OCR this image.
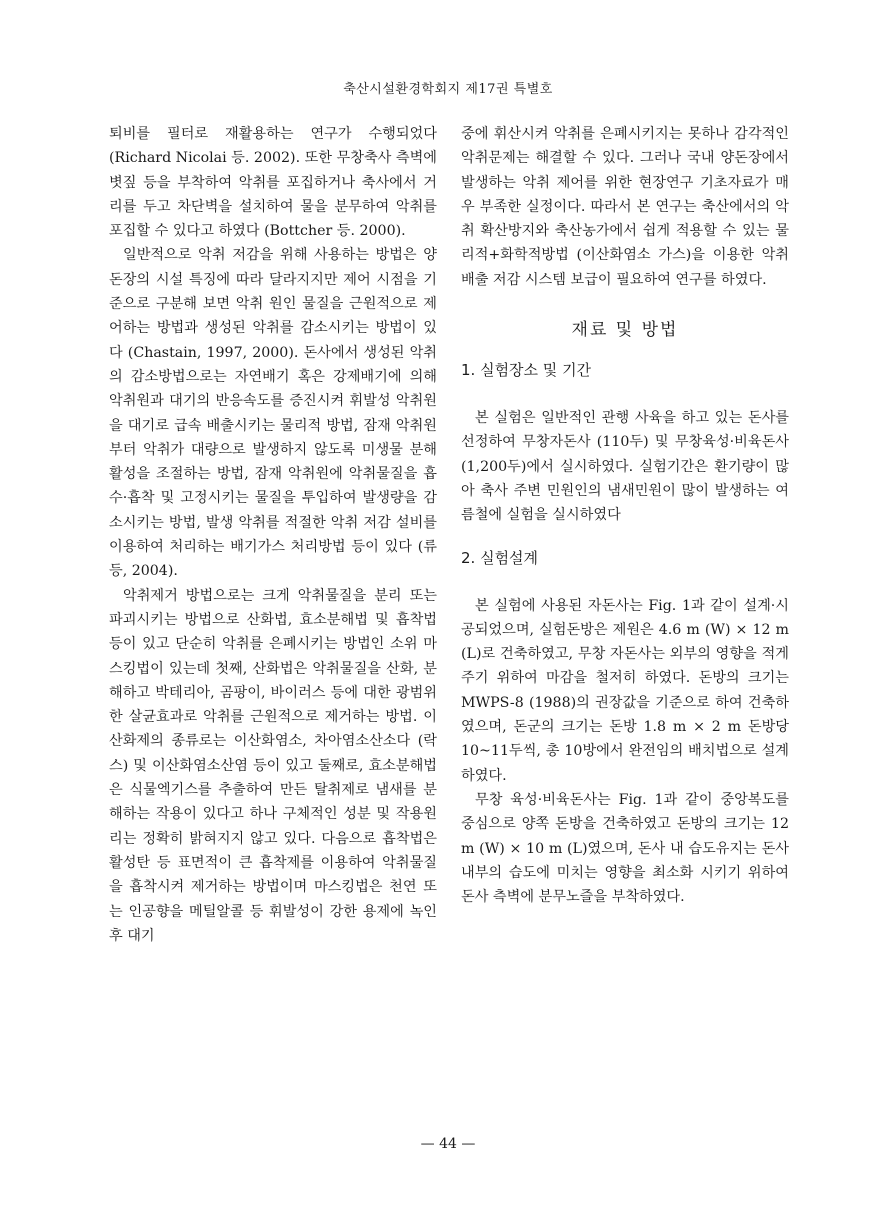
축산시설환경학회지 제17권 특별호

퇴비를 필터로 재활용하는 연구가 수행되었다 (Richard Nicolai 등. 2002). 또한 무창축사 측벽에 볏짚 등을 부착하여 악취를 포집하거나 축사에서 거리를 두고 차단벽을 설치하여 물을 분무하여 악취를 포집할 수 있다고 하였다 (Bottcher 등. 2000).

일반적으로 악취 저감을 위해 사용하는 방법은 양돈장의 시설 특징에 따라 달라지지만 제어 시점을 기준으로 구분해 보면 악취 원인 물질을 근원적으로 제어하는 방법과 생성된 악취를 감소시키는 방법이 있다 (Chastain, 1997, 2000). 돈사에서 생성된 악취의 감소방법으로는 자연배기 혹은 강제배기에 의해 악취원과 대기의 반응속도를 증진시켜 휘발성 악취원을 대기로 급속 배출시키는 물리적 방법, 잠재 악취원부터 악취가 대량으로 발생하지 않도록 미생물 분해 활성을 조절하는 방법, 잠재 악취원에 악취물질을 흡수·흡착 및 고정시키는 물질을 투입하여 발생량을 감소시키는 방법, 발생 악취를 적절한 악취 저감 설비를 이용하여 처리하는 배기가스 처리방법 등이 있다 (류 등, 2004).

악취제거 방법으로는 크게 악취물질을 분리 또는 파괴시키는 방법으로 산화법, 효소분해법 및 흡착법 등이 있고 단순히 악취를 은폐시키는 방법인 소위 마스킹법이 있는데 첫째, 산화법은 악취물질을 산화, 분해하고 박테리아, 곰팡이, 바이러스 등에 대한 광범위한 살균효과로 악취를 근원적으로 제거하는 방법. 이 산화제의 종류로는 이산화염소, 차아염소산소다 (락스) 및 이산화염소산염 등이 있고 둘째로, 효소분해법은 식물엑기스를 추출하여 만든 탈취제로 냄새를 분해하는 작용이 있다고 하나 구체적인 성분 및 작용원리는 정확히 밝혀지지 않고 있다. 다음으로 흡착법은 활성탄 등 표면적이 큰 흡착제를 이용하여 악취물질을 흡착시켜 제거하는 방법이며 마스킹법은 천연 또는 인공향을 메틸알콜 등 휘발성이 강한 용제에 녹인 후 대기

중에 휘산시켜 악취를 은폐시키지는 못하나 감각적인 악취문제는 해결할 수 있다. 그러나 국내 양돈장에서 발생하는 악취 제어를 위한 현장연구 기초자료가 매우 부족한 실정이다. 따라서 본 연구는 축산에서의 악취 확산방지와 축산농가에서 쉽게 적용할 수 있는 물리적+화학적방법 (이산화염소 가스)을 이용한 악취배출 저감 시스템 보급이 필요하여 연구를 하였다.

재료 및 방법
1. 실험장소 및 기간

본 실험은 일반적인 관행 사육을 하고 있는 돈사를 선정하여 무창자돈사 (110두) 및 무창육성·비육돈사 (1,200두)에서 실시하였다. 실험기간은 환기량이 많아 축사 주변 민원인의 냄새민원이 많이 발생하는 여름철에 실험을 실시하였다

2. 실험설계

본 실험에 사용된 자돈사는 Fig. 1과 같이 설계·시공되었으며, 실험돈방은 제원은 4.6 m (W) × 12 m (L)로 건축하였고, 무창 자돈사는 외부의 영향을 적게 주기 위하여 마감을 철저히 하였다. 돈방의 크기는 MWPS-8 (1988)의 권장값을 기준으로 하여 건축하였으며, 돈군의 크기는 돈방 1.8 m × 2 m 돈방당 10~11두씩, 총 10방에서 완전임의 배치법으로 설계하였다.

무창 육성·비육돈사는 Fig. 1과 같이 중앙복도를 중심으로 양쪽 돈방을 건축하였고 돈방의 크기는 12 m (W) × 10 m (L)였으며, 돈사 내 습도유지는 돈사내부의 습도에 미치는 영향을 최소화 시키기 위하여 돈사 측벽에 분무노즐을 부착하였다.

— 44 —
